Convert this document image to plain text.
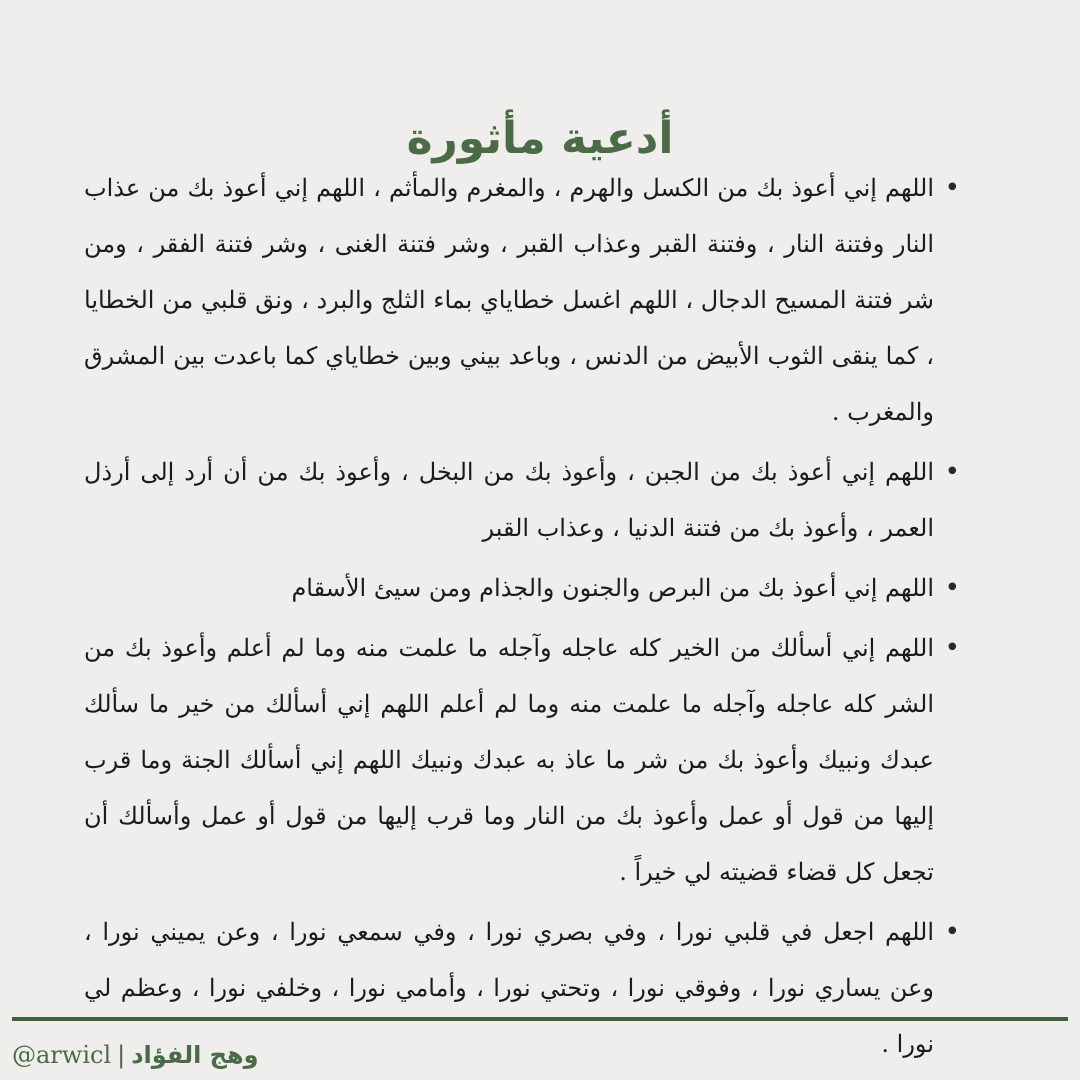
أدعية مأثورة
• اللهم إني أعوذ بك من الكسل والهرم ، والمغرم والمأثم ، اللهم إني أعوذ بك من عذاب النار وفتنة النار ، وفتنة القبر وعذاب القبر ، وشر فتنة الغنى ، وشر فتنة الفقر ، ومن شر فتنة المسيح الدجال ، اللهم اغسل خطاياي بماء الثلج والبرد ، ونق قلبي من الخطايا ، كما ينقى الثوب الأبيض من الدنس ، وباعد بيني وبين خطاياي كما باعدت بين المشرق والمغرب .
• اللهم إني أعوذ بك من الجبن ، وأعوذ بك من البخل ، وأعوذ بك من أن أرد إلى أرذل العمر ، وأعوذ بك من فتنة الدنيا ، وعذاب القبر
• اللهم إني أعوذ بك من البرص والجنون والجذام ومن سيئ الأسقام
• اللهم إني أسألك من الخير كله عاجله وآجله ما علمت منه وما لم أعلم وأعوذ بك من الشر كله عاجله وآجله ما علمت منه وما لم أعلم اللهم إني أسألك من خير ما سألك عبدك ونبيك وأعوذ بك من شر ما عاذ به عبدك ونبيك اللهم إني أسألك الجنة وما قرب إليها من قول أو عمل وأعوذ بك من النار وما قرب إليها من قول أو عمل وأسألك أن تجعل كل قضاء قضيته لي خيراً .
• اللهم اجعل في قلبي نورا ، وفي بصري نورا ، وفي سمعي نورا ، وعن يميني نورا ، وعن يساري نورا ، وفوقي نورا ، وتحتي نورا ، وأمامي نورا ، وخلفي نورا ، وعظم لي نورا .
@arwicl | وهج الفؤاد
